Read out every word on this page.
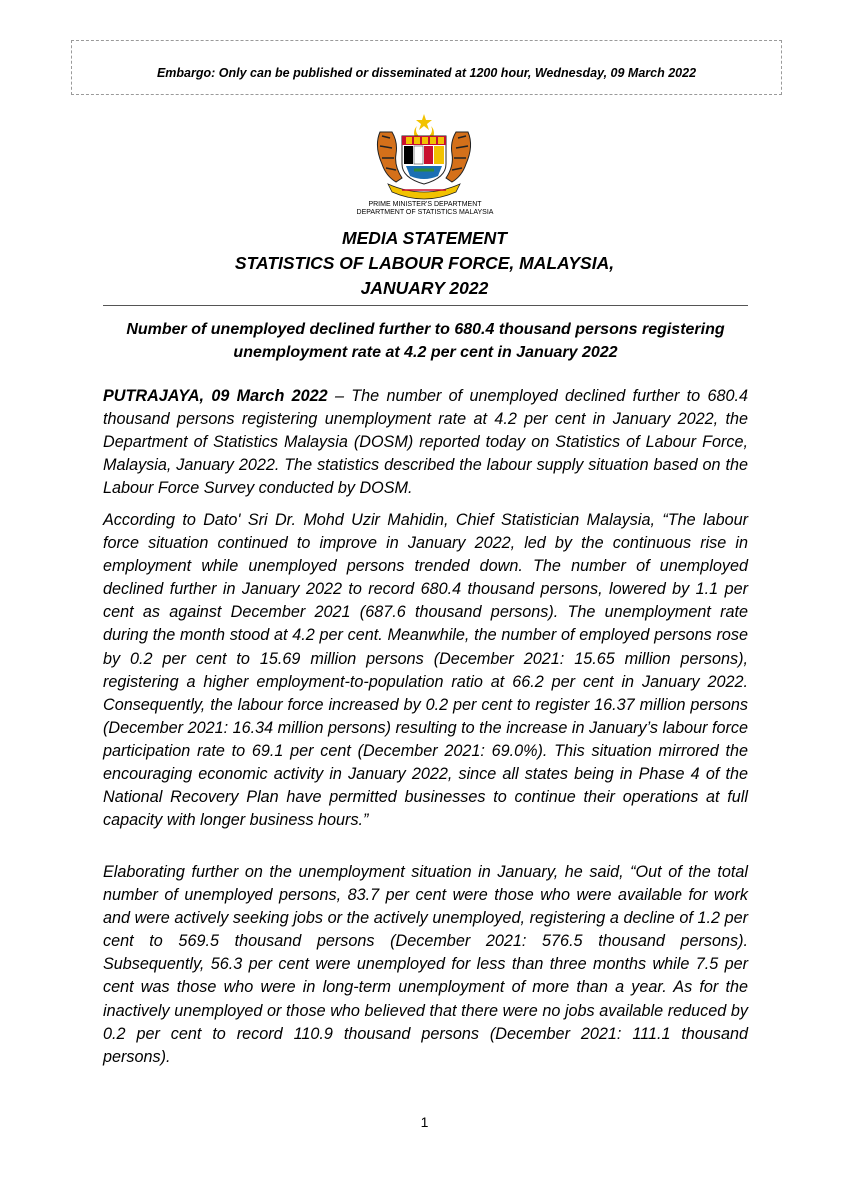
Embargo: Only can be published or disseminated at 1200 hour, Wednesday, 09 March 2022
PRIME MINISTER'S DEPARTMENT
DEPARTMENT OF STATISTICS MALAYSIA
MEDIA STATEMENT
STATISTICS OF LABOUR FORCE, MALAYSIA,
JANUARY 2022
Number of unemployed declined further to 680.4 thousand persons registering
unemployment rate at 4.2 per cent in January 2022

PUTRAJAYA, 09 March 2022 – The number of unemployed declined further to 680.4 thousand persons registering unemployment rate at 4.2 per cent in January 2022, the Department of Statistics Malaysia (DOSM) reported today on Statistics of Labour Force, Malaysia, January 2022. The statistics described the labour supply situation based on the Labour Force Survey conducted by DOSM.

According to Dato' Sri Dr. Mohd Uzir Mahidin, Chief Statistician Malaysia, “The labour force situation continued to improve in January 2022, led by the continuous rise in employment while unemployed persons trended down. The number of unemployed declined further in January 2022 to record 680.4 thousand persons, lowered by 1.1 per cent as against December 2021 (687.6 thousand persons). The unemployment rate during the month stood at 4.2 per cent. Meanwhile, the number of employed persons rose by 0.2 per cent to 15.69 million persons (December 2021: 15.65 million persons), registering a higher employment-to-population ratio at 66.2 per cent in January 2022. Consequently, the labour force increased by 0.2 per cent to register 16.37 million persons (December 2021: 16.34 million persons) resulting to the increase in January’s labour force participation rate to 69.1 per cent (December 2021: 69.0%). This situation mirrored the encouraging economic activity in January 2022, since all states being in Phase 4 of the National Recovery Plan have permitted businesses to continue their operations at full capacity with longer business hours.”

Elaborating further on the unemployment situation in January, he said, “Out of the total number of unemployed persons, 83.7 per cent were those who were available for work and were actively seeking jobs or the actively unemployed, registering a decline of 1.2 per cent to 569.5 thousand persons (December 2021: 576.5 thousand persons). Subsequently, 56.3 per cent were unemployed for less than three months while 7.5 per cent was those who were in long-term unemployment of more than a year. As for the inactively unemployed or those who believed that there were no jobs available reduced by 0.2 per cent to record 110.9 thousand persons (December 2021: 111.1 thousand persons).

1
